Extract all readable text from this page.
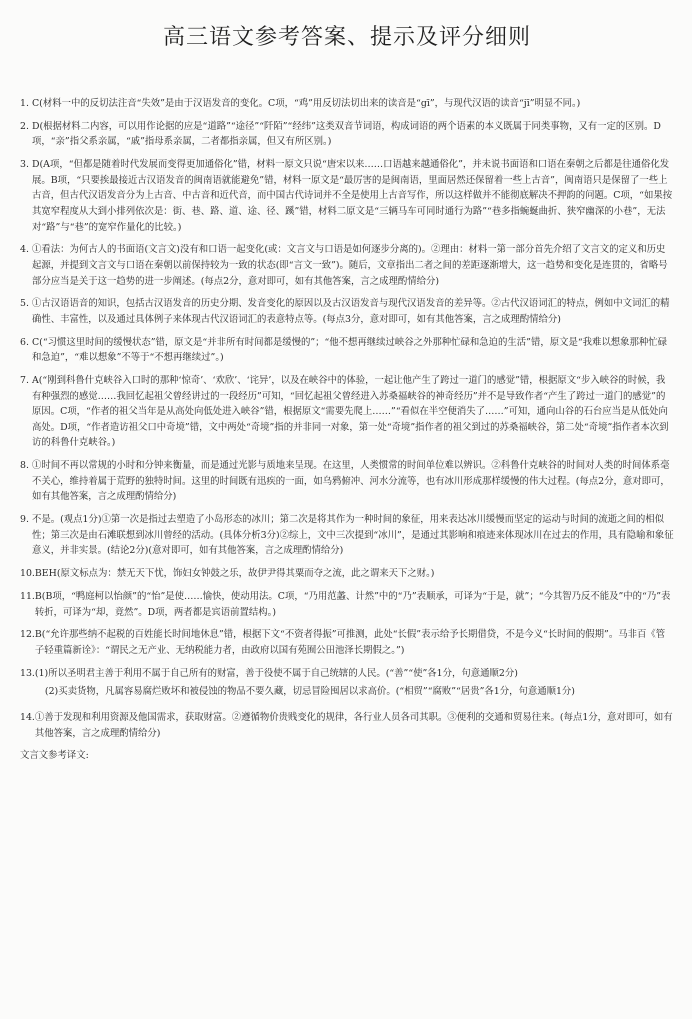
高三语文参考答案、提示及评分细则
1. C(材料一中的反切法注音“失效”是由于汉语发音的变化。C项，“鸡”用反切法切出来的读音是“gī”，与现代汉语的读音“jī”明显不同。)
2. D(根据材料二内容，可以用作论据的应是“道路”“途径”“阡陌”“经纬”这类双音节词语，构成词语的两个语素的本义既属于同类事物，又有一定的区别。D项，“亲”指父系亲属，“戚”指母系亲属，二者都指亲属，但又有所区别。)
3. D(A项，“但都是随着时代发展而变得更加通俗化”错，材料一原文只说“唐宋以来……口语越来越通俗化”，并未说书面语和口语在秦朝之后都是往通俗化发展。B项，“只要挨最接近古汉语发音的闽南语就能避免”错，材料一原文是“最厉害的是闽南语，里面居然还保留着一些上古音”，闽南语只是保留了一些上古音，但古代汉语发音分为上古音、中古音和近代音，而中国古代诗词并不全是使用上古音写作，所以这样做并不能彻底解决不押韵的问题。C项，“如果按其宽窄程度从大到小排列依次是：街、巷、路、道、途、径、蹊”错，材料二原文是“三辆马车可同时通行为路”“巷多指蜿蜒曲折、狭窄幽深的小巷”，无法对“路”与“巷”的宽窄作量化的比较。)
4. ①看法：为何古人的书面语(文言文)没有和口语一起变化(或：文言文与口语是如何逐步分离的)。②理由：材料一第一部分首先介绍了文言文的定义和历史起源，并提到文言文与口语在秦朝以前保持较为一致的状态(即“言文一致”)。随后，文章指出二者之间的差距逐渐增大，这一趋势和变化是连贯的，省略号部分应当是关于这一趋势的进一步阐述。(每点2分，意对即可，如有其他答案，言之成理酌情给分)
5. ①古汉语语音的知识，包括古汉语发音的历史分期、发音变化的原因以及古汉语发音与现代汉语发音的差异等。②古代汉语词汇的特点，例如中文词汇的精确性、丰富性，以及通过具体例子来体现古代汉语词汇的表意特点等。(每点3分，意对即可，如有其他答案，言之成理酌情给分)
6. C(“习惯这里时间的缓慢状态”错，原文是“并非所有时间都是缓慢的”；“他不想再继续过峡谷之外那种忙碌和急迫的生活”错，原文是“我难以想象那种忙碌和急迫”，“难以想象”不等于“不想再继续过”。)
7. A(“刚到科鲁什克峡谷入口时的那种‘惊奇’、‘欢欣’、‘诧异’，以及在峡谷中的体验，一起让他产生了跨过一道门的感觉”错，根据原文“步入峡谷的时候，我有种强烈的感觉……我回忆起祖父曾经讲过的一段经历”可知，“回忆起祖父曾经进入苏桑福峡谷的神奇经历”并不是导致作者“产生了跨过一道门的感觉”的原因。C项，“作者的祖父当年是从高处向低处进入峡谷”错，根据原文“需要先爬上……”“看似在半空便消失了……”可知，通向山谷的石台应当是从低处向高处。D项，“作者造访祖父口中奇境”错，文中两处“奇境”指的并非同一对象，第一处“奇境”指作者的祖父到过的苏桑福峡谷，第二处“奇境”指作者本次到访的科鲁什克峡谷。)
8. ①时间不再以常规的小时和分钟来衡量，而是通过光影与质地来呈现。在这里，人类惯常的时间单位难以辨识。②科鲁什克峡谷的时间对人类的时间体系毫不关心，维持着属于荒野的独特时间。这里的时间既有迅疾的一面，如乌鸦俯冲、河水分流等，也有冰川形成那样缓慢的伟大过程。(每点2分，意对即可，如有其他答案，言之成理酌情给分)
9. 不是。(观点1分)①第一次是指过去塑造了小岛形态的冰川；第二次是将其作为一种时间的象征，用来表达冰川缓慢而坚定的运动与时间的流逝之间的相似性；第三次是由石滩联想到冰川曾经的活动。(具体分析3分)②综上，文中三次提到“冰川”，是通过其影响和痕迹来体现冰川在过去的作用，具有隐喻和象征意义，并非实景。(结论2分)(意对即可，如有其他答案，言之成理酌情给分)
10. BEH(原文标点为：禁无天下忧，饰妇女钟鼓之乐，故伊尹得其粟而夺之流，此之谓来天下之财。)
11. B(B项，“鸭庭柯以怡颜”的“怡”是使……愉快，使动用法。C项，“乃用范蠡、计然”中的“乃”表顺承，可译为“于是，就”；“今其智乃反不能及”中的“乃”表转折，可译为“却，竟然”。D项，两者都是宾语前置结构。)
12. B(“允许那些纳不起税的百姓能长时间地休息”错，根据下文“不资者得振”可推测，此处“长假”表示给予长期借贷，不是今义“长时间的假期”。马非百《管子轻重篇新诠》：“谓民之无产业、无纳税能力者，由政府以国有苑囿公田池泽长期假之。”)
13. (1)所以圣明君主善于利用不属于自己所有的财富，善于役使不属于自己统辖的人民。(“善”“使”各1分，句意通顺2分)
(2)买卖货物，凡属容易腐烂败坏和被侵蚀的物品不要久藏，切忌冒险囤居以求高价。(“相贸”“腐败”“居贵”各1分，句意通顺1分)
14. ①善于发现和利用资源及他国需求，获取财富。②遵循物价贵贱变化的规律，各行业人员各司其职。③便利的交通和贸易往来。(每点1分，意对即可，如有其他答案，言之成理酌情给分)
文言文参考译文:
